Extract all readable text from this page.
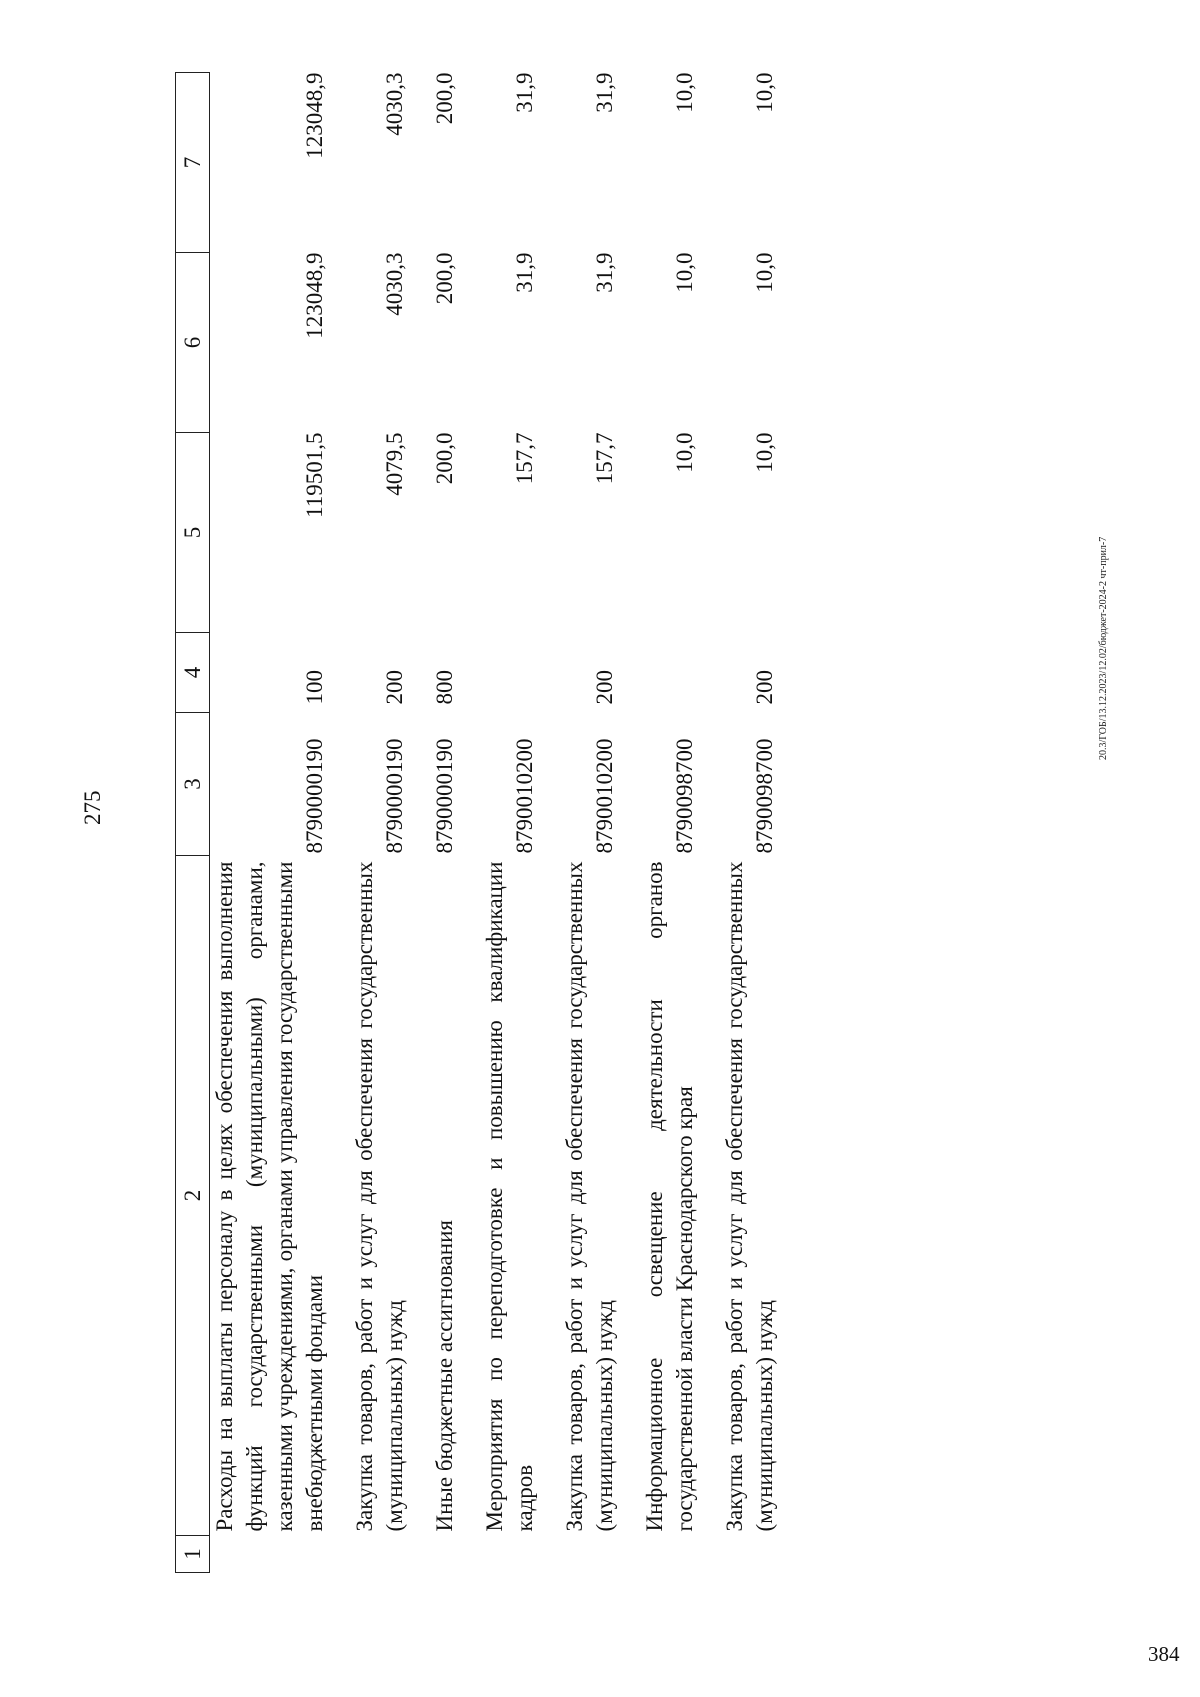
275
1	2	3	4	5	6	7
	Расходы на выплаты персоналу в целях обеспечения выполнения функций государственными (муниципальными) органами, казенными учреждениями, органами управления государственными внебюджетными фондами	8790000190	100	119501,5	123048,9	123048,9

	Закупка товаров, работ и услуг для обеспечения государственных (муниципальных) нужд	8790000190	200	4079,5	4030,3	4030,3

	Иные бюджетные ассигнования	8790000190	800	200,0	200,0	200,0

	Мероприятия по переподготовке и повышению квалификации кадров	8790010200		157,7	31,9	31,9

	Закупка товаров, работ и услуг для обеспечения государственных (муниципальных) нужд	8790010200	200	157,7	31,9	31,9

	Информационное освещение деятельности органов государственной власти Краснодарского края	8790098700		10,0	10,0	10,0

	Закупка товаров, работ и услуг для обеспечения государственных (муниципальных) нужд	8790098700	200	10,0	10,0	10,0
20.3/ГОБ/13.12.2023/12.02/бюджет-2024-2 чт-прил-7
384
